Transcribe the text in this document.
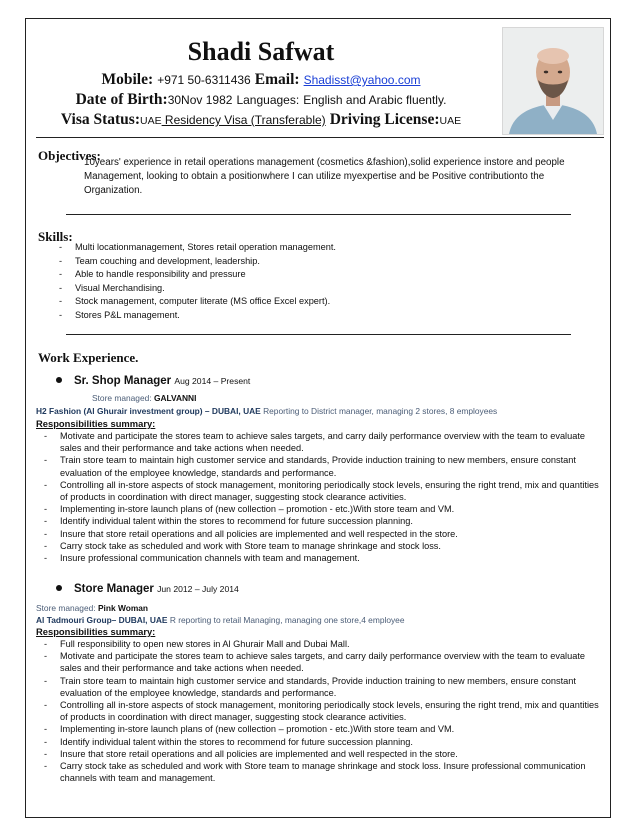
Shadi Safwat
Mobile: +971 50-6311436 Email: Shadisst@yahoo.com
Date of Birth:30Nov 1982 Languages: English and Arabic fluently.
Visa Status:UAE Residency Visa (Transferable) Driving License:UAE
Objectives:
10years' experience in retail operations management (cosmetics &fashion),solid experience instore and people Management, looking to obtain a positionwhere I can utilize myexpertise and be Positive contributionto the Organization.
Skills:
- Multi locationmanagement, Stores retail operation management.
- Team couching and development, leadership.
- Able to handle responsibility and pressure
- Visual Merchandising.
- Stock management, computer literate (MS office Excel expert).
- Stores P&L management.
Work Experience.
Sr. Shop Manager Aug 2014 – Present
Store managed: GALVANNI
H2 Fashion (Al Ghurair investment group) – DUBAI, UAE Reporting to District manager, managing 2 stores, 8 employees
Responsibilities summary:
- Motivate and participate the stores team to achieve sales targets, and carry daily performance overview with the team to evaluate sales and their performance and take actions when needed.
- Train store team to maintain high customer service and standards, Provide induction training to new members, ensure constant evaluation of the employee knowledge, standards and performance.
- Controlling all in-store aspects of stock management, monitoring periodically stock levels, ensuring the right trend, mix and quantities of products in coordination with direct manager, suggesting stock clearance activities.
- Implementing in-store launch plans of (new collection – promotion - etc.)With store team and VM.
- Identify individual talent within the stores to recommend for future succession planning.
- Insure that store retail operations and all policies are implemented and well respected in the store.
- Carry stock take as scheduled and work with Store team to manage shrinkage and stock loss.
- Insure professional communication channels with team and management.
Store Manager Jun 2012 – July 2014
Store managed: Pink Woman
Al Tadmouri Group– DUBAI, UAE R reporting to retail Managing, managing one store,4 employee
Responsibilities summary:
- Full responsibility to open new stores in Al Ghurair Mall and Dubai Mall.
- Motivate and participate the stores team to achieve sales targets, and carry daily performance overview with the team to evaluate sales and their performance and take actions when needed.
- Train store team to maintain high customer service and standards, Provide induction training to new members, ensure constant evaluation of the employee knowledge, standards and performance.
- Controlling all in-store aspects of stock management, monitoring periodically stock levels, ensuring the right trend, mix and quantities of products in coordination with direct manager, suggesting stock clearance activities.
- Implementing in-store launch plans of (new collection – promotion - etc.)With store team and VM.
- Identify individual talent within the stores to recommend for future succession planning.
- Insure that store retail operations and all policies are implemented and well respected in the store.
- Carry stock take as scheduled and work with Store team to manage shrinkage and stock loss. Insure professional communication channels with team and management.
